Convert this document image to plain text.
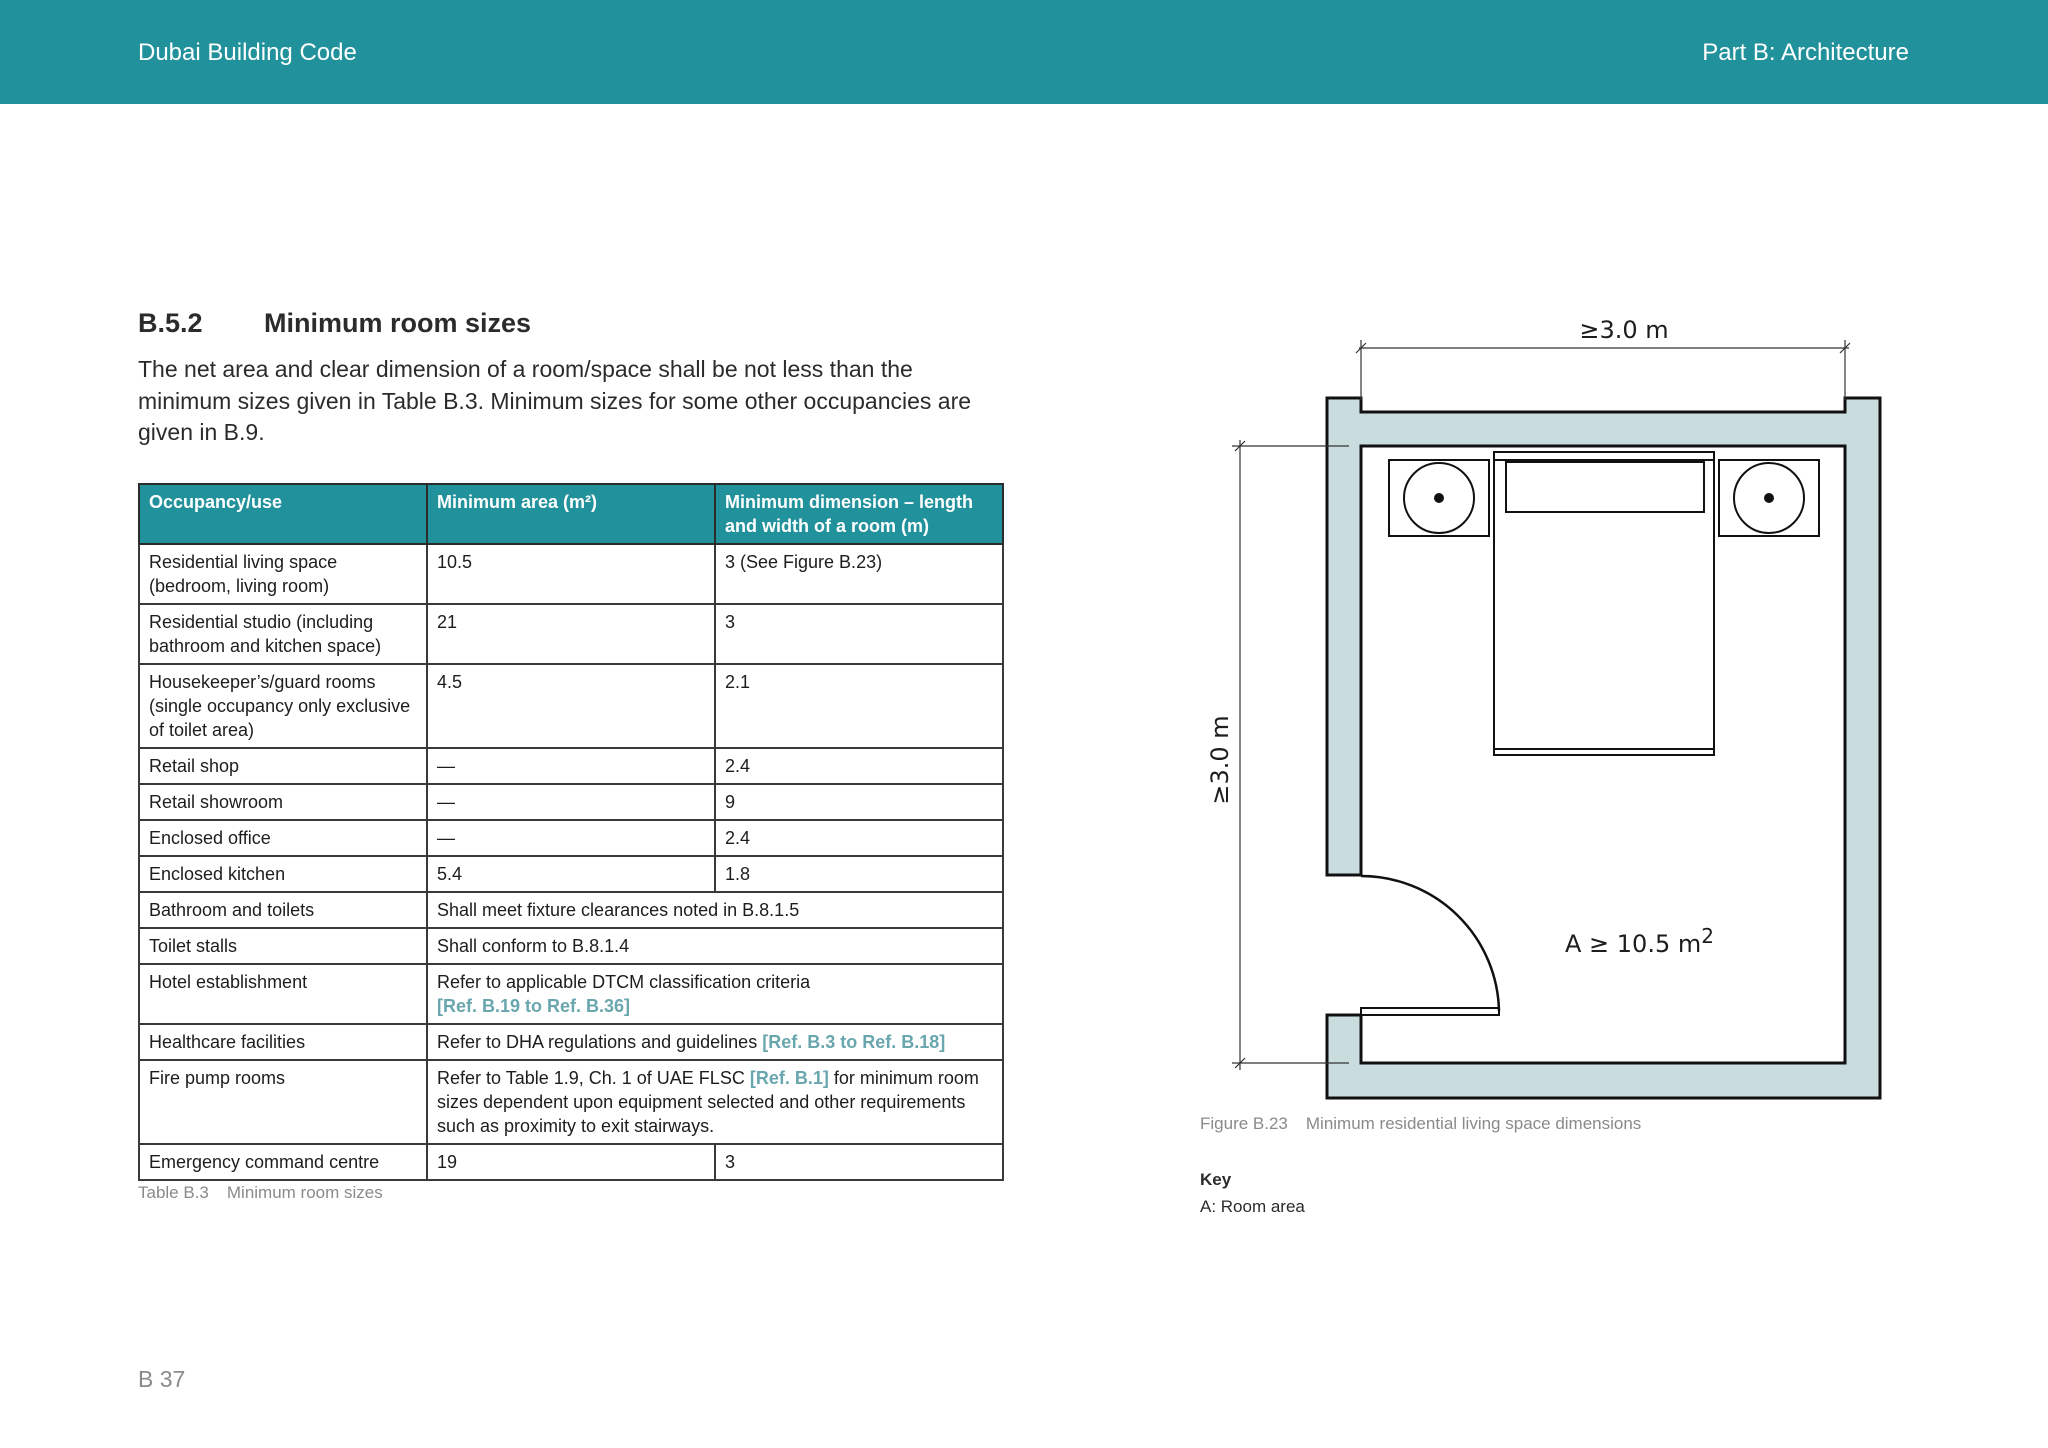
Dubai Building Code	Part B: Architecture
B.5.2 Minimum room sizes
The net area and clear dimension of a room/space shall be not less than the minimum sizes given in Table B.3. Minimum sizes for some other occupancies are given in B.9.
Occupancy/use	Minimum area (m²)	Minimum dimension – length and width of a room (m)
Residential living space (bedroom, living room)	10.5	3 (See Figure B.23)
Residential studio (including bathroom and kitchen space)	21	3
Housekeeper’s/guard rooms (single occupancy only exclusive of toilet area)	4.5	2.1
Retail shop	—	2.4
Retail showroom	—	9
Enclosed office	—	2.4
Enclosed kitchen	5.4	1.8
Bathroom and toilets	Shall meet fixture clearances noted in B.8.1.5	
Toilet stalls	Shall conform to B.8.1.4	
Hotel establishment	Refer to applicable DTCM classification criteria
[Ref. B.19 to Ref. B.36]	
Healthcare facilities	Refer to DHA regulations and guidelines [Ref. B.3 to Ref. B.18]	
Fire pump rooms	Refer to Table 1.9, Ch. 1 of UAE FLSC [Ref. B.1] for minimum room sizes dependent upon equipment selected and other requirements such as proximity to exit stairways.	
Emergency command centre	19	3
Table B.3 Minimum room sizes
≥3.0 m
≥3.0 m
A ≥ 10.5 $m^2$
Figure B.23 Minimum residential living space dimensions
Key
A: Room area
B 37
